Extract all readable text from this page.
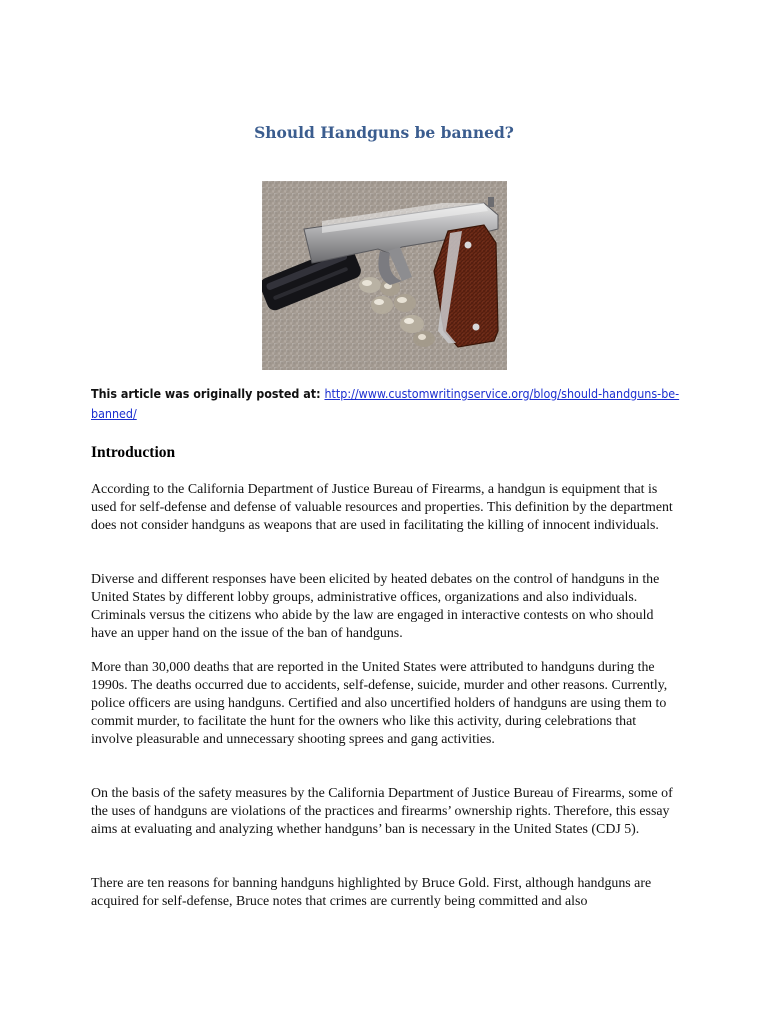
Should Handguns be banned?

This article was originally posted at: http://www.customwritingservice.org/blog/should-handguns-be-banned/

Introduction

According to the California Department of Justice Bureau of Firearms, a handgun is equipment that is used for self-defense and defense of valuable resources and properties. This definition by the department does not consider handguns as weapons that are used in facilitating the killing of innocent individuals.

Diverse and different responses have been elicited by heated debates on the control of handguns in the United States by different lobby groups, administrative offices, organizations and also individuals. Criminals versus the citizens who abide by the law are engaged in interactive contests on who should have an upper hand on the issue of the ban of handguns.

More than 30,000 deaths that are reported in the United States were attributed to handguns during the 1990s. The deaths occurred due to accidents, self-defense, suicide, murder and other reasons. Currently, police officers are using handguns. Certified and also uncertified holders of handguns are using them to commit murder, to facilitate the hunt for the owners who like this activity, during celebrations that involve pleasurable and unnecessary shooting sprees and gang activities.

On the basis of the safety measures by the California Department of Justice Bureau of Firearms, some of the uses of handguns are violations of the practices and firearms’ ownership rights. Therefore, this essay aims at evaluating and analyzing whether handguns’ ban is necessary in the United States (CDJ 5).

There are ten reasons for banning handguns highlighted by Bruce Gold. First, although handguns are acquired for self-defense, Bruce notes that crimes are currently being committed and also
